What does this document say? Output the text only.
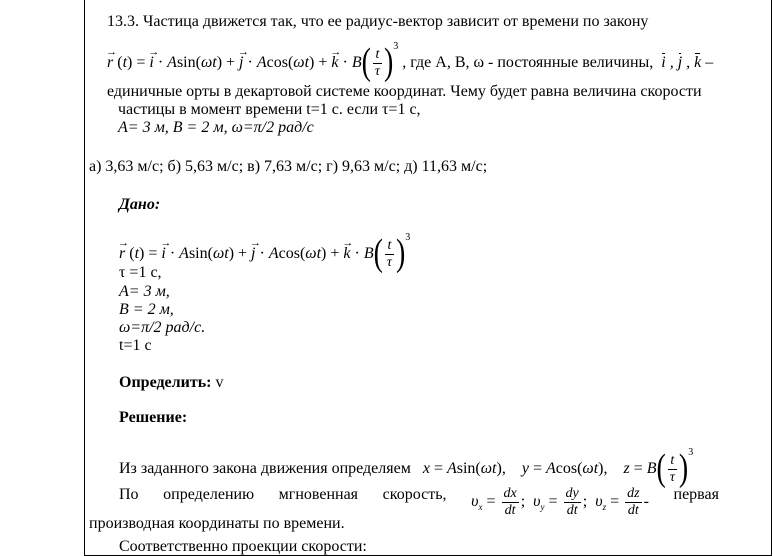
13.3. Частица движется так, что ее радиус-вектор зависит от времени по закону
→ r (t) = → i · Asin(ωt) + → j · Acos(ωt) + → $k \cdot B( \frac{t}{\tau} )^3$ , где А, В, ω - постоянные величины, i , j , k –
единичные орты в декартовой системе координат. Чему будет равна величина скорости
частицы в момент времени t=1 с. если τ=1 с,
А= 3 м, В = 2 м, ω=π/2 рад/с
а) 3,63 м/с; б) 5,63 м/с; в) 7,63 м/с; г) 9,63 м/с; д) 11,63 м/с;
Дано:
→ r (t) = → i · Asin(ωt) + → j · Acos(ωt) + → $k \cdot B( \frac{t}{\tau} )^3$
τ =1 с,
А= 3 м,
В = 2 м,
ω=π/2 рад/с.
t=1 с
Определить: v
Решение:
Из заданного закона движения определяем x = Asin(ωt),    y = Acos(ωt),    $z = B( \frac{t}{\tau} )^3$
По определению мгновенная скорость, $\upsilon_x = \frac{dx}{dt}$ ;  $\upsilon_y = \frac{dy}{dt}$ ;  $\upsilon_z = \frac{dz}{dt}$ - первая
производная координаты по времени.
Соответственно проекции скорости:
